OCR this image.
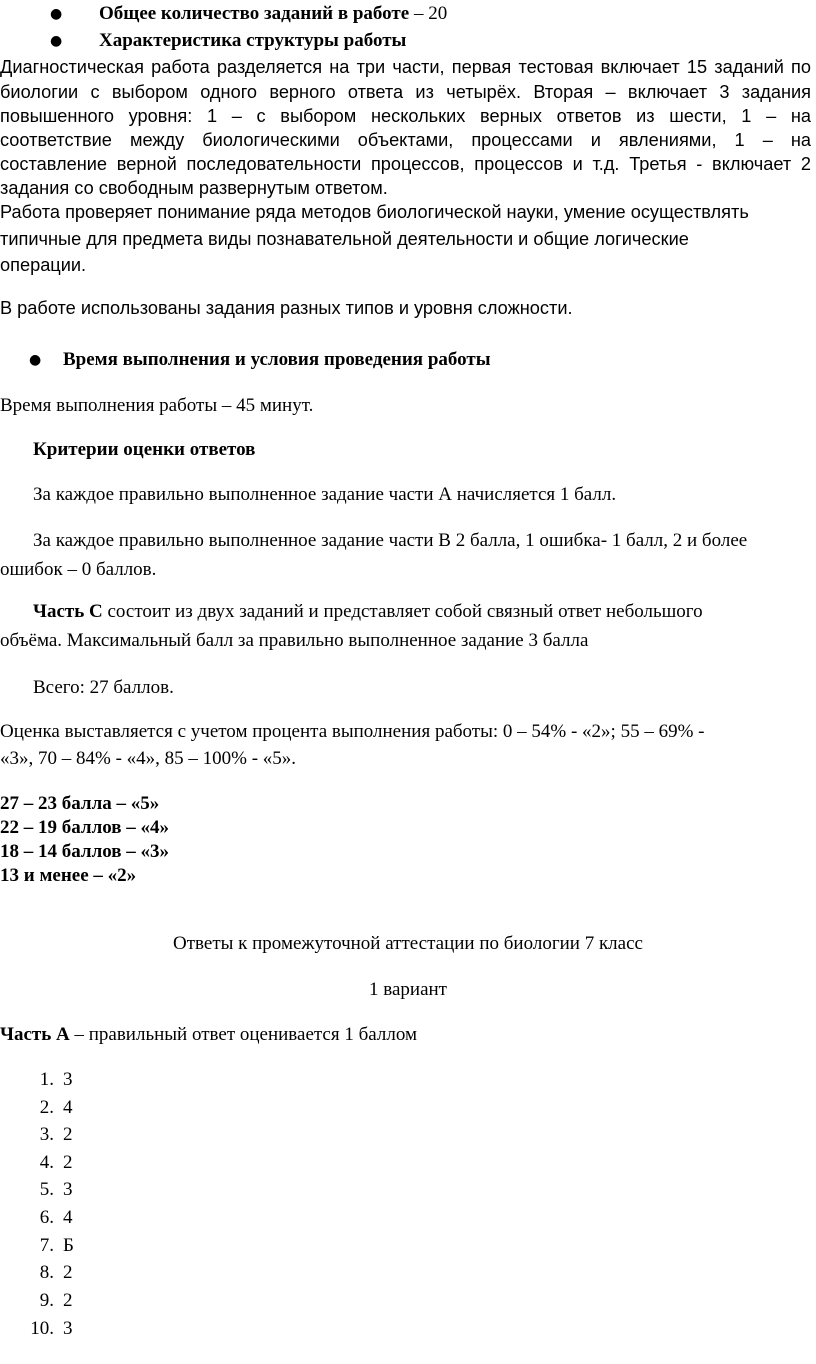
● Общее количество заданий в работе – 20
● Характеристика структуры работы
Диагностическая работа разделяется на три части, первая тестовая включает 15 заданий по
биологии с выбором одного верного ответа из четырёх. Вторая – включает 3 задания
повышенного уровня: 1 – с выбором нескольких верных ответов из шести, 1 – на
соответствие между биологическими объектами, процессами и явлениями, 1 – на
составление верной последовательности процессов, процессов и т.д. Третья - включает 2
задания со свободным развернутым ответом.
Работа проверяет понимание ряда методов биологической науки, умение осуществлять
типичные для предмета виды познавательной деятельности и общие логические
операции.
В работе использованы задания разных типов и уровня сложности.
● Время выполнения и условия проведения работы
Время выполнения работы – 45 минут.
Критерии оценки ответов
За каждое правильно выполненное задание части А начисляется 1 балл.
За каждое правильно выполненное задание части В 2 балла, 1 ошибка- 1 балл, 2 и более
ошибок – 0 баллов.
Часть С состоит из двух заданий и представляет собой связный ответ небольшого
объёма. Максимальный балл за правильно выполненное задание 3 балла
Всего: 27 баллов.
Оценка выставляется с учетом процента выполнения работы: 0 – 54% - «2»; 55 – 69% -
«3», 70 – 84% - «4», 85 – 100% - «5».
27 – 23 балла – «5»
22 – 19 баллов – «4»
18 – 14 баллов – «3»
13 и менее – «2»
Ответы к промежуточной аттестации по биологии 7 класс
1 вариант
Часть А – правильный ответ оценивается 1 баллом
1. 3
2. 4
3. 2
4. 2
5. 3
6. 4
7. Б
8. 2
9. 2
10. 3
